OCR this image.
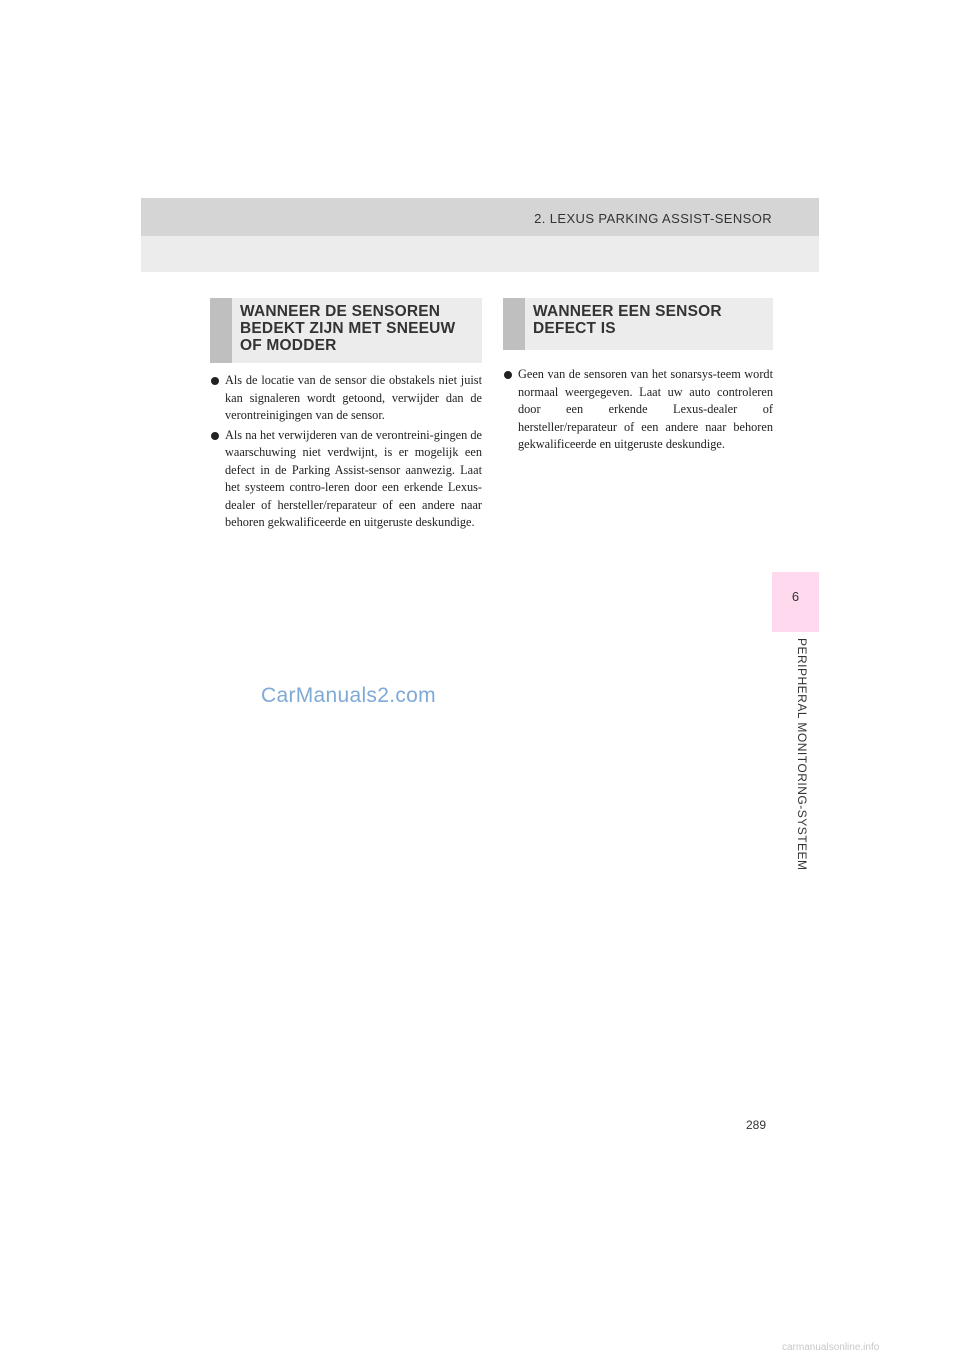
2. LEXUS PARKING ASSIST-SENSOR
6
PERIPHERAL MONITORING-SYSTEEM
WANNEER DE SENSOREN
BEDEKT ZIJN MET SNEEUW
OF MODDER
Als de locatie van de sensor die obstakels niet juist kan signaleren wordt getoond, verwijder dan de verontreinigingen van de sensor.
Als na het verwijderen van de verontreini-gingen de waarschuwing niet verdwijnt, is er mogelijk een defect in de Parking Assist-sensor aanwezig. Laat het systeem contro-leren door een erkende Lexus-dealer of hersteller/reparateur of een andere naar behoren gekwalificeerde en uitgeruste deskundige.
WANNEER EEN SENSOR
DEFECT IS
Geen van de sensoren van het sonarsys-teem wordt normaal weergegeven. Laat uw auto controleren door een erkende Lexus-dealer of hersteller/reparateur of een andere naar behoren gekwalificeerde en uitgeruste deskundige.
CarManuals2.com
289
carmanualsonline.info
